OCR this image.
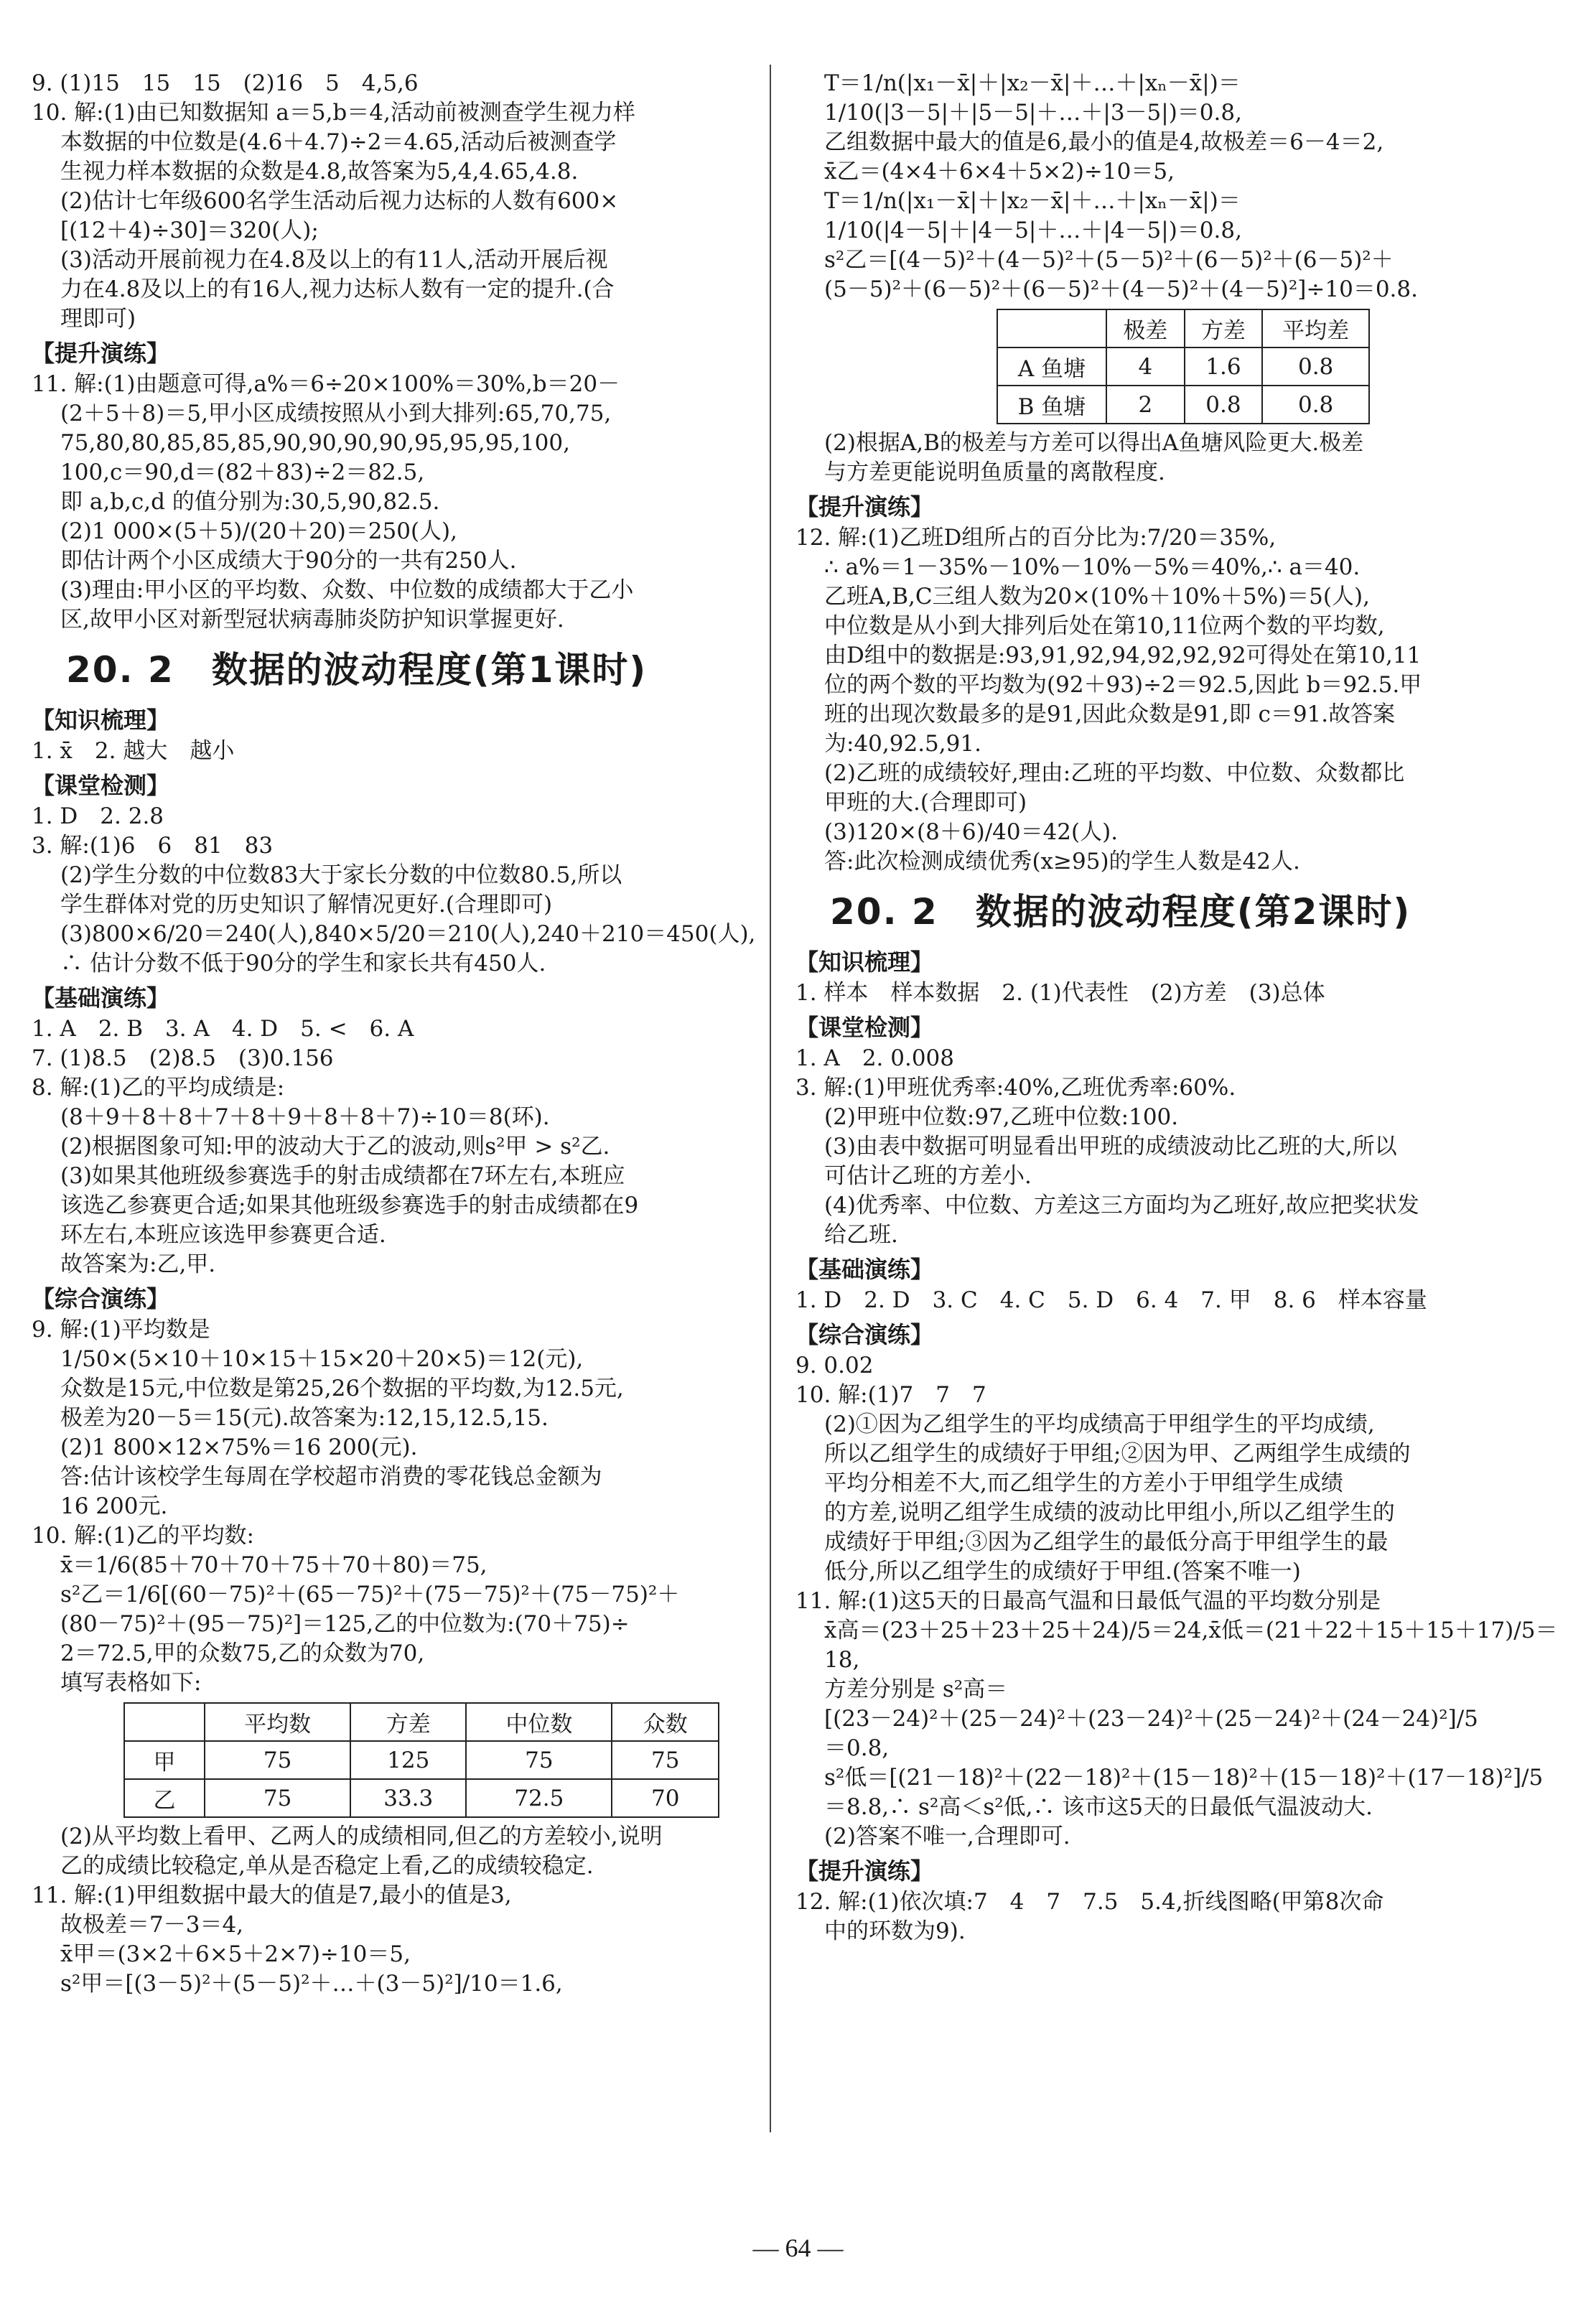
9. (1)15　15　15　(2)16　5　4,5,6
10. 解:(1)由已知数据知 a＝5,b＝4,活动前被测查学生视力样
本数据的中位数是(4.6＋4.7)÷2＝4.65,活动后被测查学
生视力样本数据的众数是4.8,故答案为5,4,4.65,4.8.
(2)估计七年级600名学生活动后视力达标的人数有600×
[(12＋4)÷30]＝320(人);
(3)活动开展前视力在4.8及以上的有11人,活动开展后视
力在4.8及以上的有16人,视力达标人数有一定的提升.(合
理即可)
【提升演练】
11. 解:(1)由题意可得,a%＝6÷20×100%＝30%,b＝20－
(2＋5＋8)＝5,甲小区成绩按照从小到大排列:65,70,75,
75,80,80,85,85,85,90,90,90,90,95,95,95,100,
100,c＝90,d＝(82＋83)÷2＝82.5,
即 a,b,c,d 的值分别为:30,5,90,82.5.
(2)1 000×(5＋5)/(20＋20)＝250(人),
即估计两个小区成绩大于90分的一共有250人.
(3)理由:甲小区的平均数、众数、中位数的成绩都大于乙小
区,故甲小区对新型冠状病毒肺炎防护知识掌握更好.
20. 2　数据的波动程度(第1课时)
【知识梳理】
1. x̄　2. 越大　越小
【课堂检测】
1. D　2. 2.8
3. 解:(1)6　6　81　83
(2)学生分数的中位数83大于家长分数的中位数80.5,所以
学生群体对党的历史知识了解情况更好.(合理即可)
(3)800×6/20＝240(人),840×5/20＝210(人),240＋210＝450(人),
∴ 估计分数不低于90分的学生和家长共有450人.
【基础演练】
1. A　2. B　3. A　4. D　5. <　6. A
7. (1)8.5　(2)8.5　(3)0.156
8. 解:(1)乙的平均成绩是:
(8＋9＋8＋8＋7＋8＋9＋8＋8＋7)÷10＝8(环).
(2)根据图象可知:甲的波动大于乙的波动,则s²甲 > s²乙.
(3)如果其他班级参赛选手的射击成绩都在7环左右,本班应
该选乙参赛更合适;如果其他班级参赛选手的射击成绩都在9
环左右,本班应该选甲参赛更合适.
故答案为:乙,甲.
【综合演练】
9. 解:(1)平均数是
1/50×(5×10＋10×15＋15×20＋20×5)＝12(元),
众数是15元,中位数是第25,26个数据的平均数,为12.5元,
极差为20－5＝15(元).故答案为:12,15,12.5,15.
(2)1 800×12×75%＝16 200(元).
答:估计该校学生每周在学校超市消费的零花钱总金额为
16 200元.
10. 解:(1)乙的平均数:
x̄＝1/6(85＋70＋70＋75＋70＋80)＝75,
s²乙＝1/6[(60－75)²＋(65－75)²＋(75－75)²＋(75－75)²＋
(80－75)²＋(95－75)²]＝125,乙的中位数为:(70＋75)÷
2＝72.5,甲的众数75,乙的众数为70,
填写表格如下:
	平均数	方差	中位数	众数
甲	75	125	75	75
乙	75	33.3	72.5	70
(2)从平均数上看甲、乙两人的成绩相同,但乙的方差较小,说明
乙的成绩比较稳定,单从是否稳定上看,乙的成绩较稳定.
11. 解:(1)甲组数据中最大的值是7,最小的值是3,
故极差＝7－3＝4,
x̄甲＝(3×2＋6×5＋2×7)÷10＝5,
s²甲＝[(3－5)²＋(5－5)²＋…＋(3－5)²]/10＝1.6,
T＝1/n(|x₁－x̄|＋|x₂－x̄|＋…＋|xₙ－x̄|)＝
1/10(|3－5|＋|5－5|＋…＋|3－5|)＝0.8,
乙组数据中最大的值是6,最小的值是4,故极差＝6－4＝2,
x̄乙＝(4×4＋6×4＋5×2)÷10＝5,
T＝1/n(|x₁－x̄|＋|x₂－x̄|＋…＋|xₙ－x̄|)＝
1/10(|4－5|＋|4－5|＋…＋|4－5|)＝0.8,
s²乙＝[(4－5)²＋(4－5)²＋(5－5)²＋(6－5)²＋(6－5)²＋
(5－5)²＋(6－5)²＋(6－5)²＋(4－5)²＋(4－5)²]÷10＝0.8.
	极差	方差	平均差
A 鱼塘	4	1.6	0.8
B 鱼塘	2	0.8	0.8
(2)根据A,B的极差与方差可以得出A鱼塘风险更大.极差
与方差更能说明鱼质量的离散程度.
【提升演练】
12. 解:(1)乙班D组所占的百分比为:7/20＝35%,
∴ a%＝1－35%－10%－10%－5%＝40%,∴ a＝40.
乙班A,B,C三组人数为20×(10%＋10%＋5%)＝5(人),
中位数是从小到大排列后处在第10,11位两个数的平均数,
由D组中的数据是:93,91,92,94,92,92,92可得处在第10,11
位的两个数的平均数为(92＋93)÷2＝92.5,因此 b＝92.5.甲
班的出现次数最多的是91,因此众数是91,即 c＝91.故答案
为:40,92.5,91.
(2)乙班的成绩较好,理由:乙班的平均数、中位数、众数都比
甲班的大.(合理即可)
(3)120×(8＋6)/40＝42(人).
答:此次检测成绩优秀(x≥95)的学生人数是42人.
20. 2　数据的波动程度(第2课时)
【知识梳理】
1. 样本　样本数据　2. (1)代表性　(2)方差　(3)总体
【课堂检测】
1. A　2. 0.008
3. 解:(1)甲班优秀率:40%,乙班优秀率:60%.
(2)甲班中位数:97,乙班中位数:100.
(3)由表中数据可明显看出甲班的成绩波动比乙班的大,所以
可估计乙班的方差小.
(4)优秀率、中位数、方差这三方面均为乙班好,故应把奖状发
给乙班.
【基础演练】
1. D　2. D　3. C　4. C　5. D　6. 4　7. 甲　8. 6　样本容量
【综合演练】
9. 0.02
10. 解:(1)7　7　7
(2)①因为乙组学生的平均成绩高于甲组学生的平均成绩,
所以乙组学生的成绩好于甲组;②因为甲、乙两组学生成绩的
平均分相差不大,而乙组学生的方差小于甲组学生成绩
的方差,说明乙组学生成绩的波动比甲组小,所以乙组学生的
成绩好于甲组;③因为乙组学生的最低分高于甲组学生的最
低分,所以乙组学生的成绩好于甲组.(答案不唯一)
11. 解:(1)这5天的日最高气温和日最低气温的平均数分别是
x̄高＝(23＋25＋23＋25＋24)/5＝24,x̄低＝(21＋22＋15＋15＋17)/5＝18,
方差分别是 s²高＝
[(23－24)²＋(25－24)²＋(23－24)²＋(25－24)²＋(24－24)²]/5
＝0.8,
s²低＝[(21－18)²＋(22－18)²＋(15－18)²＋(15－18)²＋(17－18)²]/5
＝8.8,∴ s²高＜s²低,∴ 该市这5天的日最低气温波动大.
(2)答案不唯一,合理即可.
【提升演练】
12. 解:(1)依次填:7　4　7　7.5　5.4,折线图略(甲第8次命
中的环数为9).
— 64 —
